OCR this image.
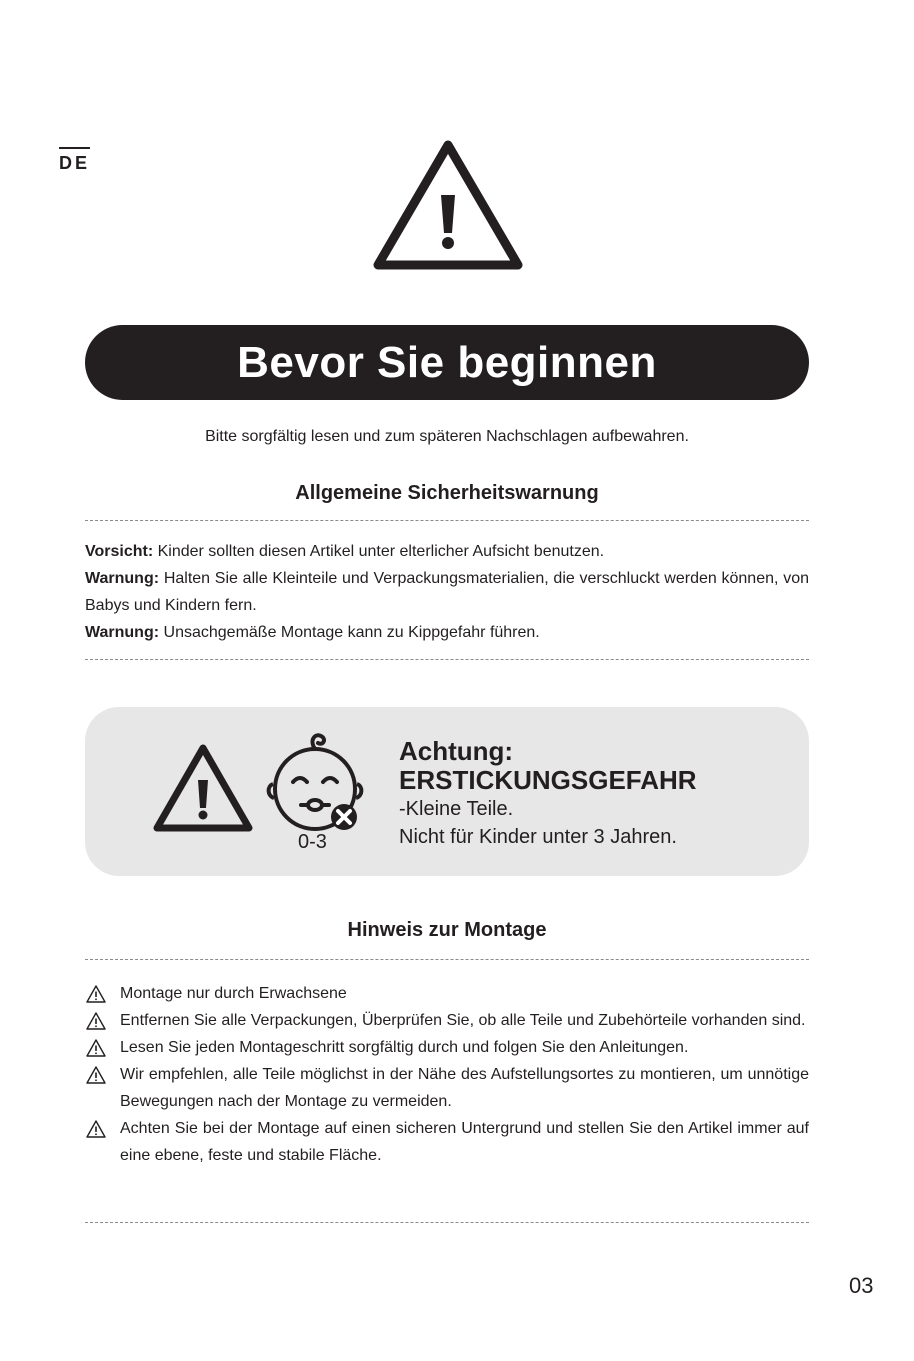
DE
Bevor Sie beginnen
Bitte sorgfältig lesen und zum späteren Nachschlagen aufbewahren.
Allgemeine Sicherheitswarnung

Vorsicht: Kinder sollten diesen Artikel unter elterlicher Aufsicht benutzen.

Warnung: Halten Sie alle Kleinteile und Verpackungsmaterialien, die verschluckt werden können, von Babys und Kindern fern.

Warnung: Unsachgemäße Montage kann zu Kippgefahr führen.

0-3
Achtung:
ERSTICKUNGSGEFAHR
-Kleine Teile.
Nicht für Kinder unter 3 Jahren.
Hinweis zur Montage
Montage nur durch Erwachsene
Entfernen Sie alle Verpackungen, Überprüfen Sie, ob alle Teile und Zubehörteile vorhanden sind.
Lesen Sie jeden Montageschritt sorgfältig durch und folgen Sie den Anleitungen.
Wir empfehlen, alle Teile möglichst in der Nähe des Aufstellungsortes zu montieren, um unnötige Bewegungen nach der Montage zu vermeiden.
Achten Sie bei der Montage auf einen sicheren Untergrund und stellen Sie den Artikel immer auf eine ebene, feste und stabile Fläche.
03
